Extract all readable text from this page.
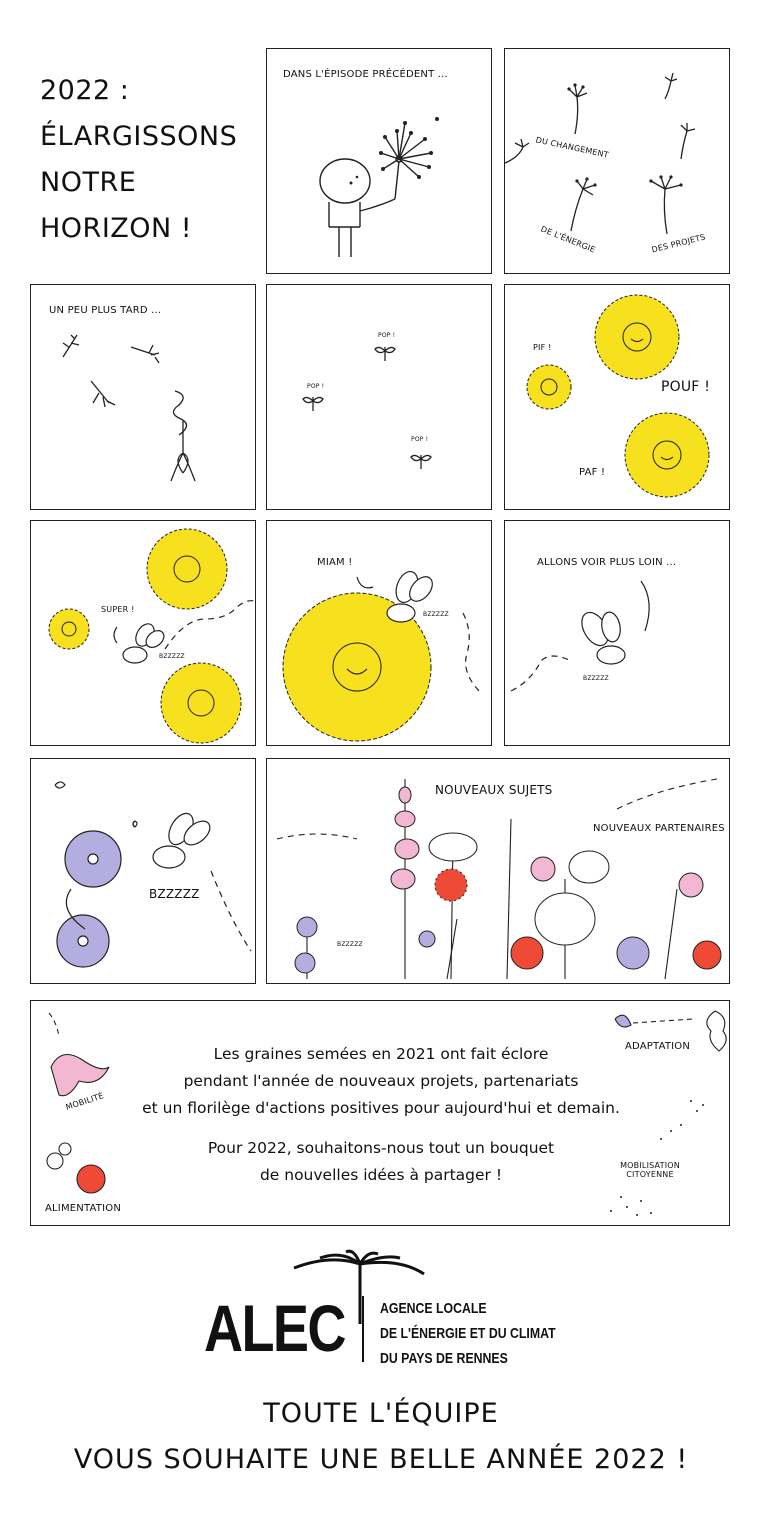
2022 :
ÉLARGISSONS
NOTRE
HORIZON !
DANS L'ÉPISODE PRÉCÉDENT ...
DU CHANGEMENT
DE L'ÉNERGIE	DES PROJETS
UN PEU PLUS TARD ...
POP !
POP !
POP !
PIF !
POUF !
PAF !
SUPER !
BZZZZZ
MIAM !
BZZZZZ
ALLONS VOIR PLUS LOIN ...
BZZZZZ
BZZZZZ
NOUVEAUX SUJETS
NOUVEAUX PARTENAIRES
BZZZZZ
MOBILITÉ
ALIMENTATION
ADAPTATION
MOBILISATION
CITOYENNE
Les graines semées en 2021 ont fait éclore
pendant l'année de nouveaux projets, partenariats
et un florilège d'actions positives pour aujourd'hui et demain.
Pour 2022, souhaitons-nous tout un bouquet
de nouvelles idées à partager !
ALEC AGENCE LOCALE
DE L'ÉNERGIE ET DU CLIMAT
DU PAYS DE RENNES
TOUTE L'ÉQUIPE
VOUS SOUHAITE UNE BELLE ANNÉE 2022 !
